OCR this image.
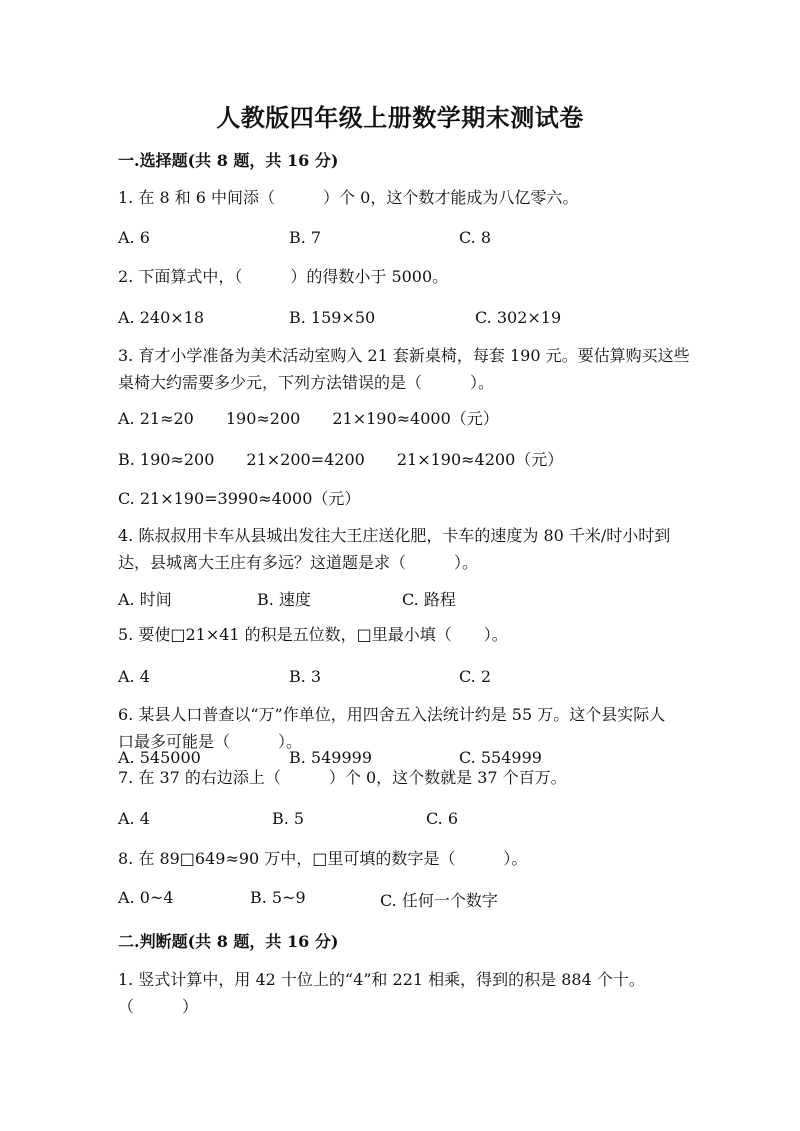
人教版四年级上册数学期末测试卷
一.选择题(共 8 题，共 16 分)
1. 在 8 和 6 中间添（　　　）个 0，这个数才能成为八亿零六。
A. 6	B. 7	C. 8
2. 下面算式中，（　　　）的得数小于 5000。
A. 240×18	B. 159×50	C. 302×19
3. 育才小学准备为美术活动室购入 21 套新桌椅，每套 190 元。要估算购买这些
桌椅大约需要多少元，下列方法错误的是（　　　）。
A. 21≈20　　190≈200　　21×190≈4000（元）
B. 190≈200　　21×200=4200　　21×190≈4200（元）
C. 21×190=3990≈4000（元）
4. 陈叔叔用卡车从县城出发往大王庄送化肥，卡车的速度为 80 千米/时小时到
达，县城离大王庄有多远？这道题是求（　　　）。
A. 时间	B. 速度	C. 路程
5. 要使□21×41 的积是五位数，□里最小填（　　）。
A. 4	B. 3	C. 2
6. 某县人口普查以“万”作单位，用四舍五入法统计约是 55 万。这个县实际人
口最多可能是（　　　）。
A. 545000	B. 549999	C. 554999
7. 在 37 的右边添上（　　　）个 0，这个数就是 37 个百万。
A. 4	B. 5	C. 6
8. 在 89□649≈90 万中，□里可填的数字是（　　　）。
A. 0~4	B. 5~9	C. 任何一个数字
二.判断题(共 8 题，共 16 分)
1. 竖式计算中，用 42 十位上的“4”和 221 相乘，得到的积是 884 个十。
（　　　）
